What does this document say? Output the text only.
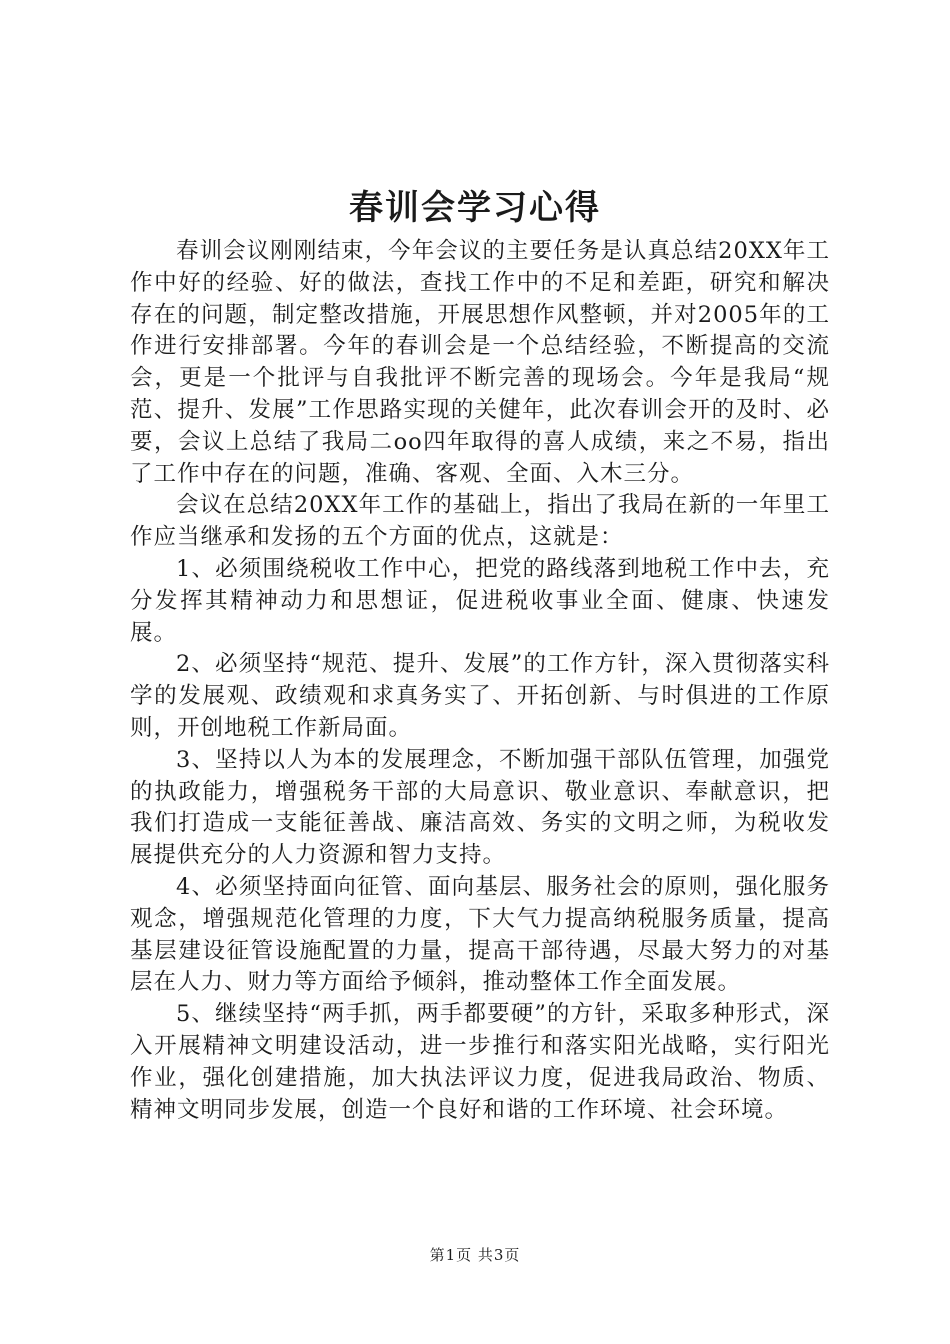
春训会学习心得

春训会议刚刚结束，今年会议的主要任务是认真总结20XX年工作中好的经验、好的做法，查找工作中的不足和差距，研究和解决存在的问题，制定整改措施，开展思想作风整顿，并对2005年的工作进行安排部署。今年的春训会是一个总结经验，不断提高的交流会，更是一个批评与自我批评不断完善的现场会。今年是我局“规范、提升、发展”工作思路实现的关健年，此次春训会开的及时、必要，会议上总结了我局二oo四年取得的喜人成绩，来之不易，指出了工作中存在的问题，准确、客观、全面、入木三分。

会议在总结20XX年工作的基础上，指出了我局在新的一年里工作应当继承和发扬的五个方面的优点，这就是：

1、必须围绕税收工作中心，把党的路线落到地税工作中去，充分发挥其精神动力和思想证，促进税收事业全面、健康、快速发展。

2、必须坚持“规范、提升、发展”的工作方针，深入贯彻落实科学的发展观、政绩观和求真务实了、开拓创新、与时俱进的工作原则，开创地税工作新局面。

3、坚持以人为本的发展理念，不断加强干部队伍管理，加强党的执政能力，增强税务干部的大局意识、敬业意识、奉献意识，把我们打造成一支能征善战、廉洁高效、务实的文明之师，为税收发展提供充分的人力资源和智力支持。

4、必须坚持面向征管、面向基层、服务社会的原则，强化服务观念，增强规范化管理的力度，下大气力提高纳税服务质量，提高基层建设征管设施配置的力量，提高干部待遇，尽最大努力的对基层在人力、财力等方面给予倾斜，推动整体工作全面发展。

5、继续坚持“两手抓，两手都要硬”的方针，采取多种形式，深入开展精神文明建设活动，进一步推行和落实阳光战略，实行阳光作业，强化创建措施，加大执法评议力度，促进我局政治、物质、精神文明同步发展，创造一个良好和谐的工作环境、社会环境。

第1页 共3页
